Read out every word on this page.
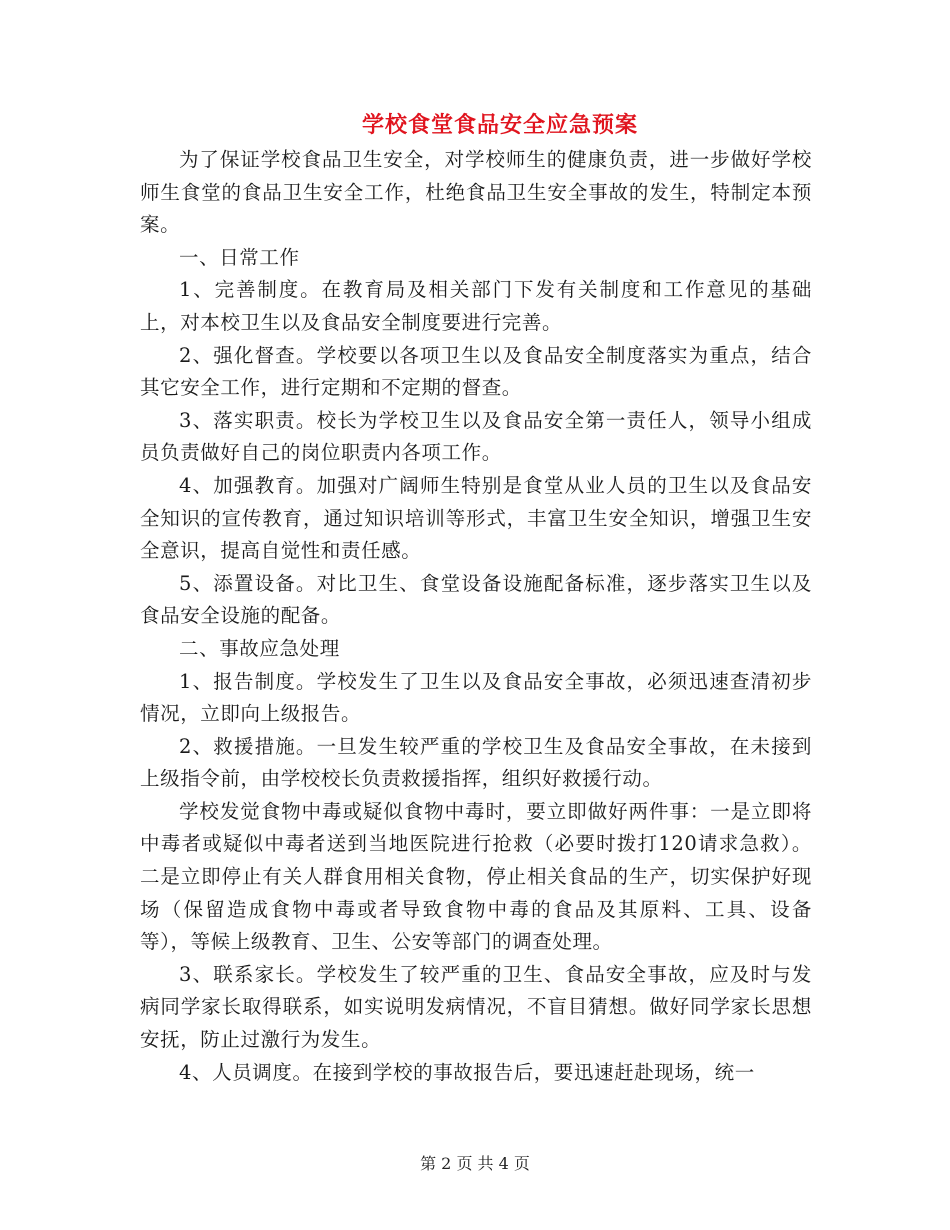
学校食堂食品安全应急预案

为了保证学校食品卫生安全，对学校师生的健康负责，进一步做好学校师生食堂的食品卫生安全工作，杜绝食品卫生安全事故的发生，特制定本预案。

一、日常工作

1、完善制度。在教育局及相关部门下发有关制度和工作意见的基础上，对本校卫生以及食品安全制度要进行完善。

2、强化督查。学校要以各项卫生以及食品安全制度落实为重点，结合其它安全工作，进行定期和不定期的督查。

3、落实职责。校长为学校卫生以及食品安全第一责任人，领导小组成员负责做好自己的岗位职责内各项工作。

4、加强教育。加强对广阔师生特别是食堂从业人员的卫生以及食品安全知识的宣传教育，通过知识培训等形式，丰富卫生安全知识，增强卫生安全意识，提高自觉性和责任感。

5、添置设备。对比卫生、食堂设备设施配备标准，逐步落实卫生以及食品安全设施的配备。

二、事故应急处理

1、报告制度。学校发生了卫生以及食品安全事故，必须迅速查清初步情况，立即向上级报告。

2、救援措施。一旦发生较严重的学校卫生及食品安全事故，在未接到上级指令前，由学校校长负责救援指挥，组织好救援行动。

学校发觉食物中毒或疑似食物中毒时，要立即做好两件事：一是立即将中毒者或疑似中毒者送到当地医院进行抢救（必要时拨打120请求急救）。二是立即停止有关人群食用相关食物，停止相关食品的生产，切实保护好现场（保留造成食物中毒或者导致食物中毒的食品及其原料、工具、设备等），等候上级教育、卫生、公安等部门的调查处理。

3、联系家长。学校发生了较严重的卫生、食品安全事故，应及时与发病同学家长取得联系，如实说明发病情况，不盲目猜想。做好同学家长思想安抚，防止过激行为发生。

4、人员调度。在接到学校的事故报告后，要迅速赶赴现场，统一

第 2 页 共 4 页
